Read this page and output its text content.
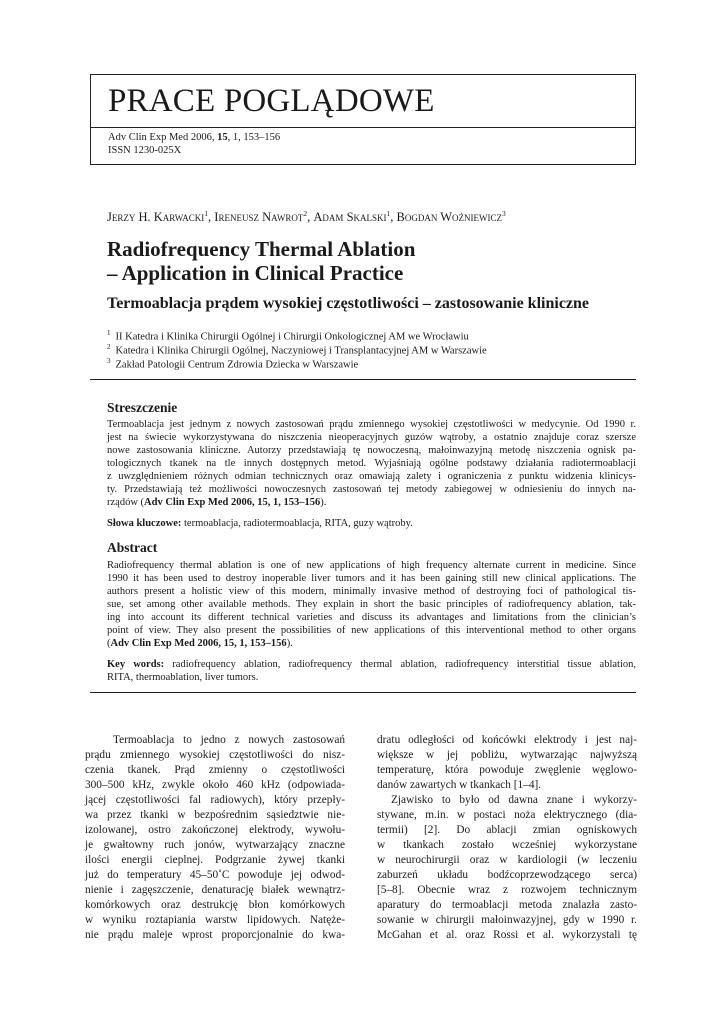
PRACE POGLĄDOWE
Adv Clin Exp Med 2006, 15, 1, 153–156
ISSN 1230-025X
Jerzy H. Karwacki$^1$, Ireneusz Nawrot$^2$, Adam Skalski$^1$, Bogdan Woźniewicz$^3$
Radiofrequency Thermal Ablation
– Application in Clinical Practice
Termoablacja prądem wysokiej częstotliwości – zastosowanie kliniczne
$^1$ II Katedra i Klinika Chirurgii Ogólnej i Chirurgii Onkologicznej AM we Wrocławiu
$^2$ Katedra i Klinika Chirurgii Ogólnej, Naczyniowej i Transplantacyjnej AM w Warszawie
$^3$ Zakład Patologii Centrum Zdrowia Dziecka w Warszawie
Streszczenie
Termoablacja jest jednym z nowych zastosowań prądu zmiennego wysokiej częstotliwości w medycynie. Od 1990 r.
jest na świecie wykorzystywana do niszczenia nieoperacyjnych guzów wątroby, a ostatnio znajduje coraz szersze
nowe zastosowania kliniczne. Autorzy przedstawiają tę nowoczesną, małoinwazyjną metodę niszczenia ognisk pa-
tologicznych tkanek na tle innych dostępnych metod. Wyjaśniają ogólne podstawy działania radiotermoablacji
z uwzględnieniem różnych odmian technicznych oraz omawiają zalety i ograniczenia z punktu widzenia klinicys-
ty. Przedstawiają też możliwości nowoczesnych zastosowań tej metody zabiegowej w odniesieniu do innych na-
rządów (Adv Clin Exp Med 2006, 15, 1, 153–156).
Słowa kluczowe: termoablacja, radiotermoablacja, RITA, guzy wątroby.
Abstract
Radiofrequency thermal ablation is one of new applications of high frequency alternate current in medicine. Since
1990 it has been used to destroy inoperable liver tumors and it has been gaining still new clinical applications. The
authors present a holistic view of this modern, minimally invasive method of destroying foci of pathological tis-
sue, set among other available methods. They explain in short the basic principles of radiofrequency ablation, tak-
ing into account its different technical varieties and discuss its advantages and limitations from the clinician’s
point of view. They also present the possibilities of new applications of this interventional method to other organs
(Adv Clin Exp Med 2006, 15, 1, 153–156).
Key words: radiofrequency ablation, radiofrequency thermal ablation, radiofrequency interstitial tissue ablation,
RITA, thermoablation, liver tumors.
Termoablacja to jedno z nowych zastosowań
prądu zmiennego wysokiej częstotliwości do nisz-
czenia tkanek. Prąd zmienny o częstotliwości
300–500 kHz, zwykle około 460 kHz (odpowiada-
jącej częstotliwości fal radiowych), który przepły-
wa przez tkanki w bezpośrednim sąsiedztwie nie-
izolowanej, ostro zakończonej elektrody, wywołu-
je gwałtowny ruch jonów, wytwarzający znaczne
ilości energii cieplnej. Podgrzanie żywej tkanki
już do temperatury 45–50˚C powoduje jej odwod-
nienie i zagęszczenie, denaturację białek wewnątrz-
komórkowych oraz destrukcję błon komórkowych
w wyniku roztapiania warstw lipidowych. Natęże-
nie prądu maleje wprost proporcjonalnie do kwa-
dratu odległości od końcówki elektrody i jest naj-
większe w jej pobliżu, wytwarzając najwyższą
temperaturę, która powoduje zwęglenie węglowo-
danów zawartych w tkankach [1–4].
Zjawisko to było od dawna znane i wykorzy-
stywane, m.in. w postaci noża elektrycznego (dia-
termii) [2]. Do ablacji zmian ogniskowych
w tkankach zostało wcześniej wykorzystane
w neurochirurgii oraz w kardiologii (w leczeniu
zaburzeń układu bodźcoprzewodzącego serca)
[5–8]. Obecnie wraz z rozwojem technicznym
aparatury do termoablacji metoda znalazła zasto-
sowanie w chirurgii małoinwazyjnej, gdy w 1990 r.
McGahan et al. oraz Rossi et al. wykorzystali tę
